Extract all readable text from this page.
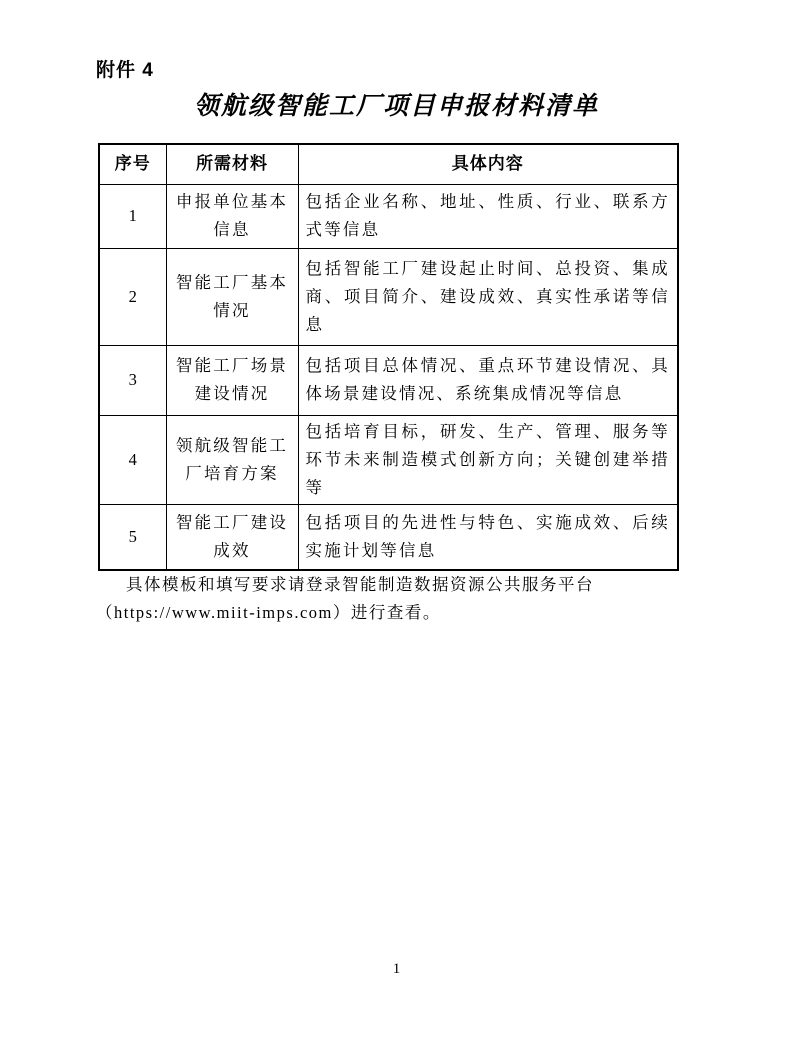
附件 4
领航级智能工厂项目申报材料清单
序号	所需材料	具体内容
1	申报单位基本信息	包括企业名称、地址、性质、行业、联系方式等信息
2	智能工厂基本情况	包括智能工厂建设起止时间、总投资、集成商、项目简介、建设成效、真实性承诺等信息
3	智能工厂场景建设情况	包括项目总体情况、重点环节建设情况、具体场景建设情况、系统集成情况等信息
4	领航级智能工厂培育方案	包括培育目标，研发、生产、管理、服务等环节未来制造模式创新方向；关键创建举措等
5	智能工厂建设成效	包括项目的先进性与特色、实施成效、后续实施计划等信息
具体模板和填写要求请登录智能制造数据资源公共服务平台
（https://www.miit-imps.com）进行查看。
1
